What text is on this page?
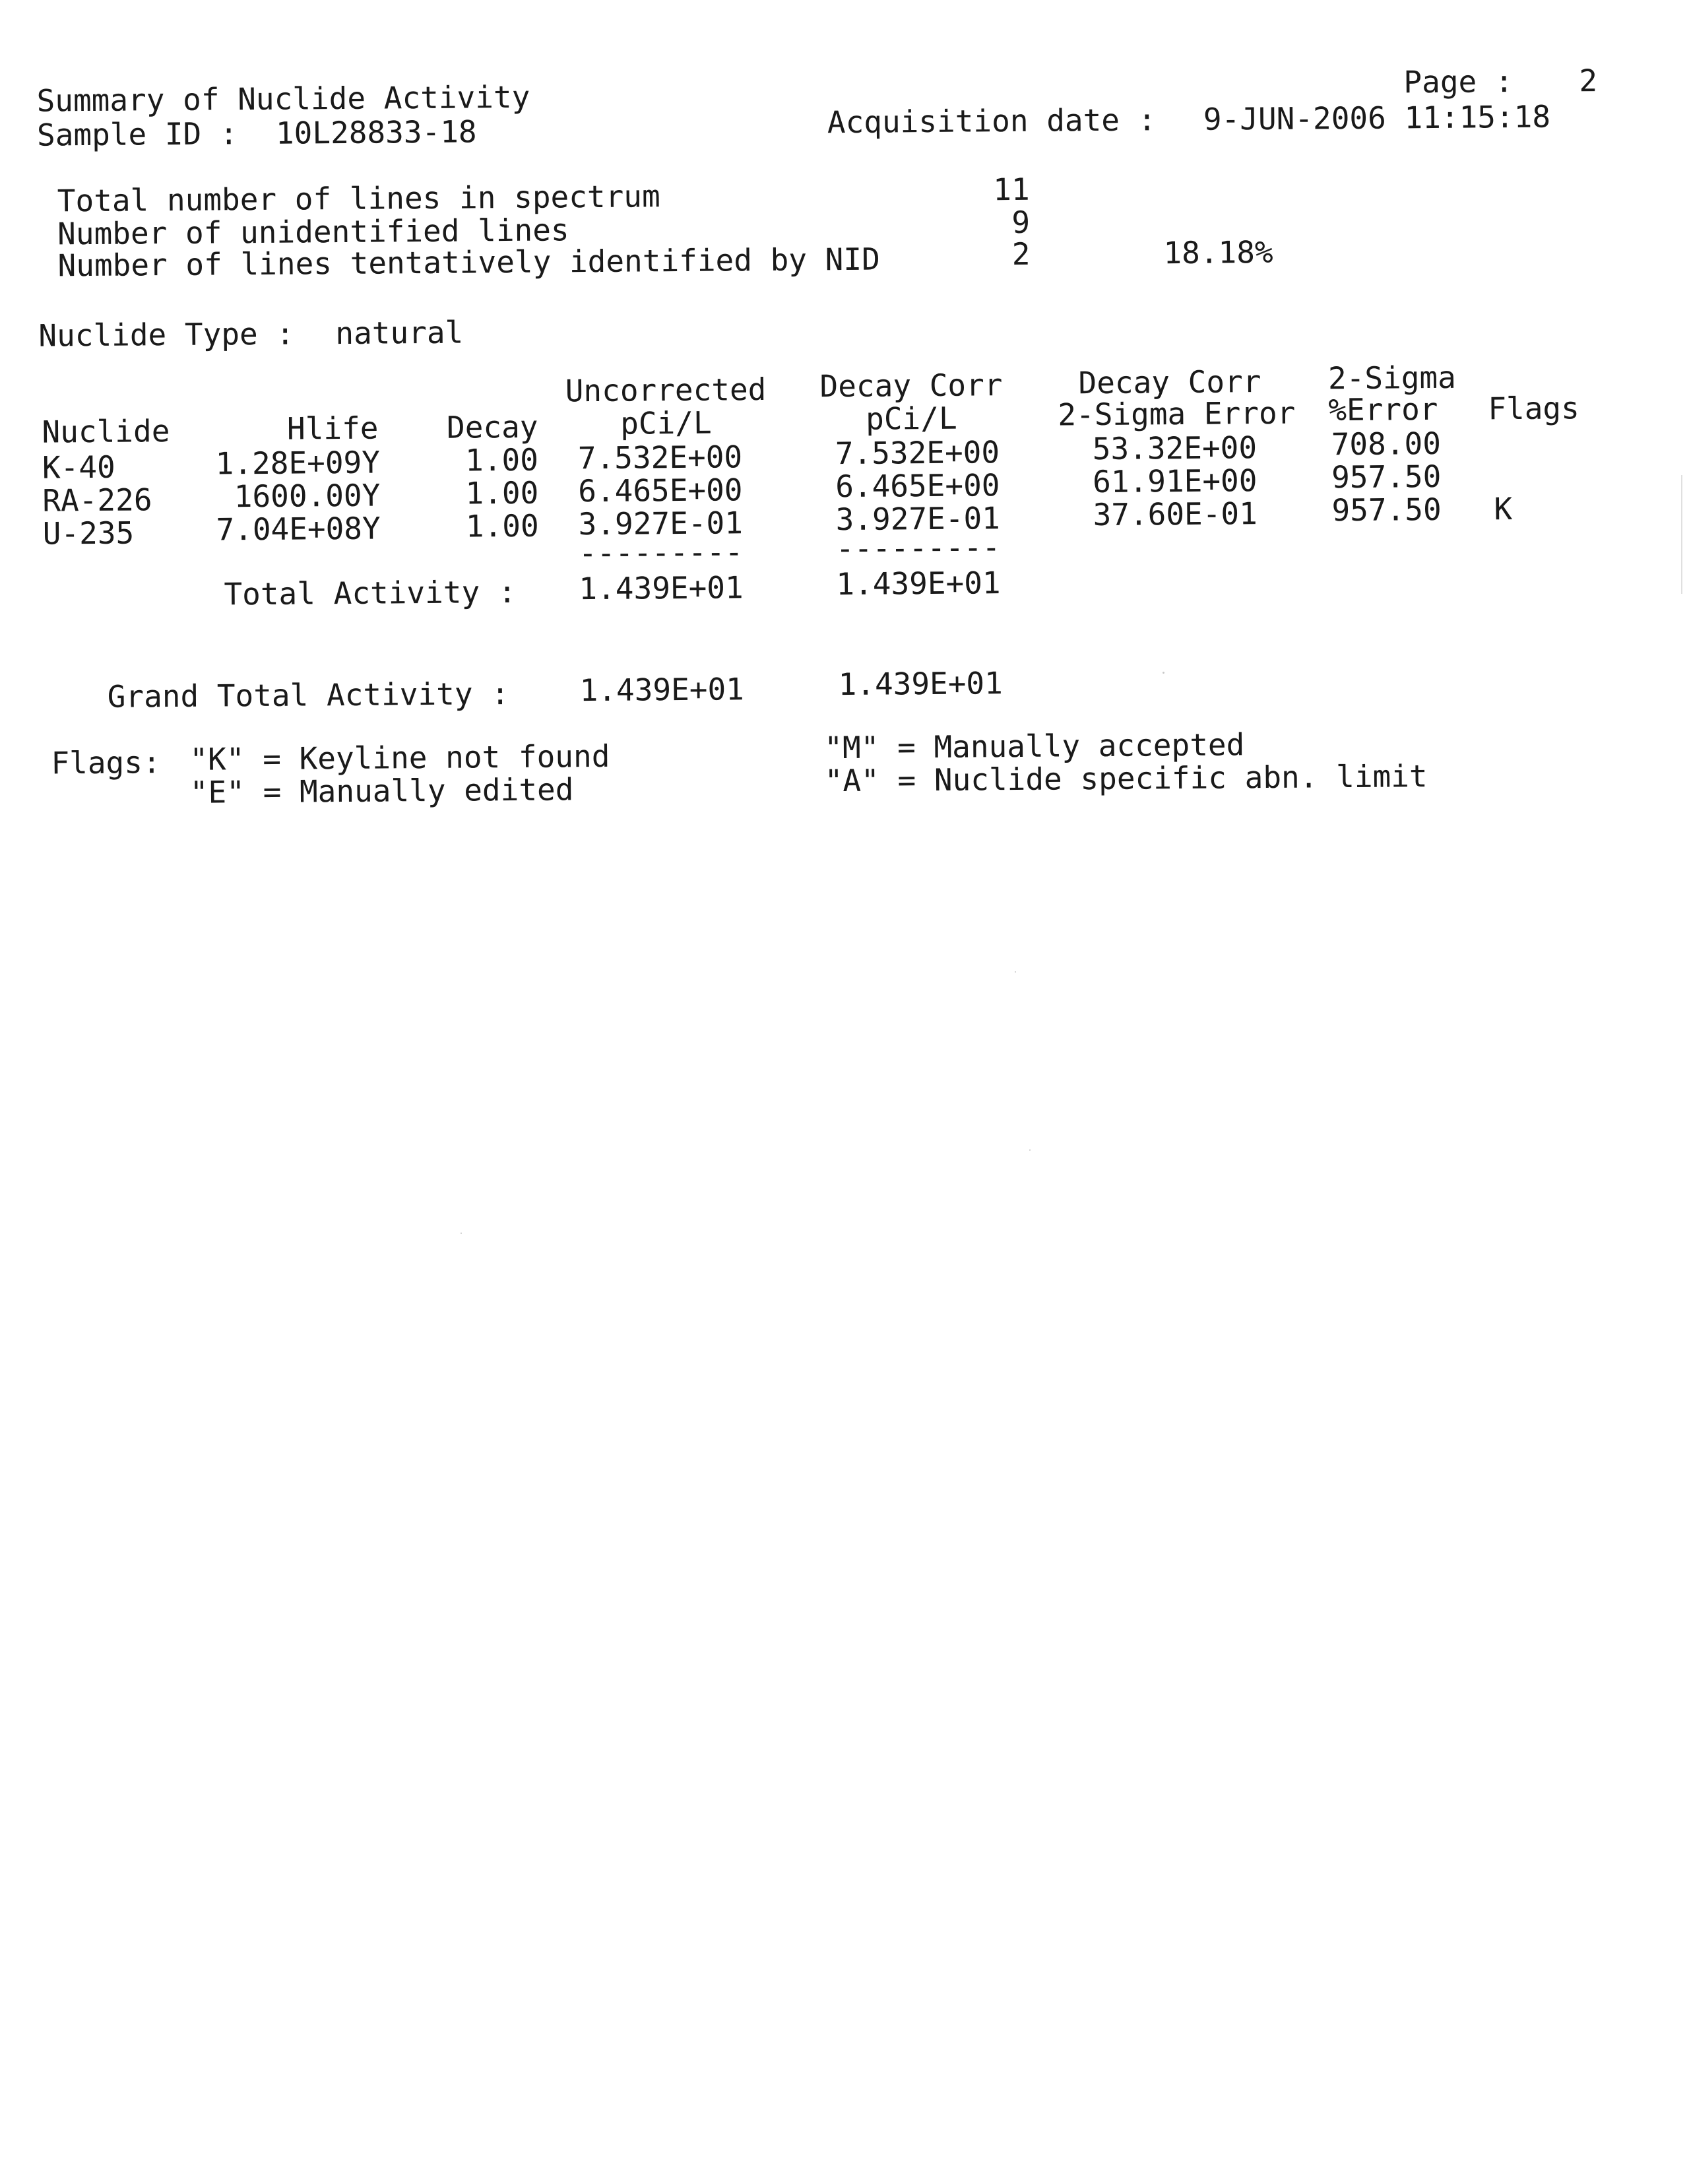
Summary of Nuclide Activity
Sample ID : 10L28833-18
Page : 2
Acquisition date : 9-JUN-2006 11:15:18
Total number of lines in spectrum	11
Number of unidentified lines	9
Number of lines tentatively identified by NID	2	18.18%
Nuclide Type : natural
Uncorrected	Decay Corr	Decay Corr	2-Sigma
Nuclide	Hlife	Decay	pCi/L	pCi/L	2-Sigma Error	%Error Flags
K-40	1.28E+09Y	1.00 7.532E+00	7.532E+00	53.32E+00 708.00
RA-226	1600.00Y	1.00 6.465E+00	6.465E+00	61.91E+00 957.50
U-235	7.04E+08Y	1.00 3.927E-01	3.927E-01	37.60E-01 957.50 K
---------	---------
Total Activity : 1.439E+01	1.439E+01
Grand Total Activity : 1.439E+01	1.439E+01
Flags: "K" = Keyline not found
"E" = Manually edited
"M" = Manually accepted
"A" = Nuclide specific abn. limit
